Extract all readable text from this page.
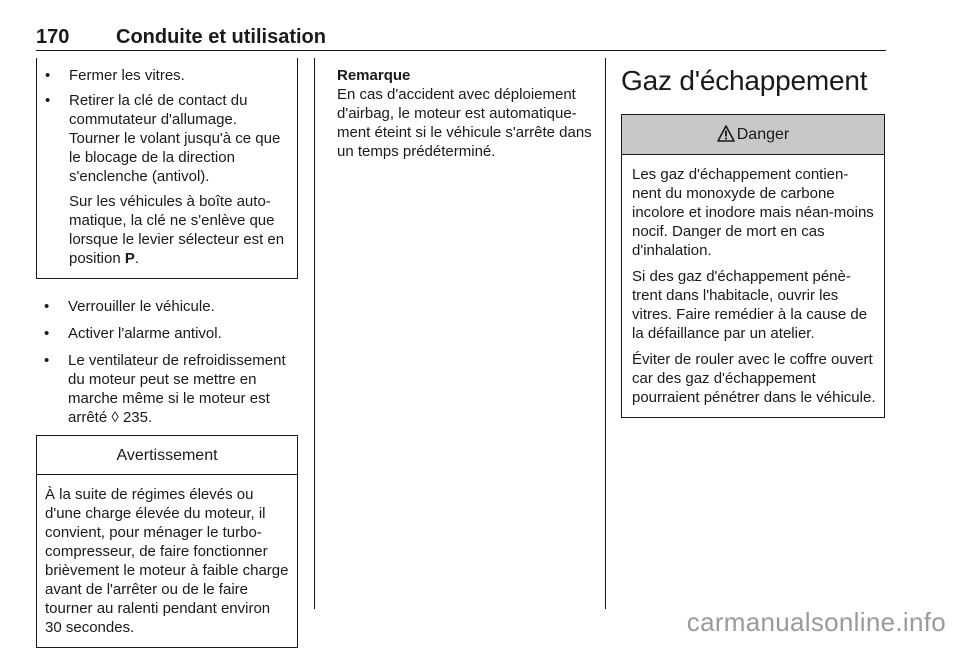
170 Conduite et utilisation
• Fermer les vitres.

• Retirer la clé de contact du commutateur d'allumage. Tourner le volant jusqu'à ce que le blocage de la direction s'enclenche (antivol).

Sur les véhicules à boîte auto-matique, la clé ne s'enlève que lorsque le levier sélecteur est en position P.

• Verrouiller le véhicule.

• Activer l'alarme antivol.

• Le ventilateur de refroidissement du moteur peut se mettre en marche même si le moteur est arrêté ◊ 235.

Avertissement

À la suite de régimes élevés ou d'une charge élevée du moteur, il convient, pour ménager le turbo-compresseur, de faire fonctionner brièvement le moteur à faible charge avant de l'arrêter ou de le faire tourner au ralenti pendant environ 30 secondes.

Remarque

En cas d'accident avec déploiement d'airbag, le moteur est automatique-ment éteint si le véhicule s'arrête dans un temps prédéterminé.

Gaz d'échappement
Danger

Les gaz d'échappement contien-nent du monoxyde de carbone incolore et inodore mais néan-moins nocif. Danger de mort en cas d'inhalation.

Si des gaz d'échappement pénè-trent dans l'habitacle, ouvrir les vitres. Faire remédier à la cause de la défaillance par un atelier.

Éviter de rouler avec le coffre ouvert car des gaz d'échappement pourraient pénétrer dans le véhicule.

carmanualsonline.info
